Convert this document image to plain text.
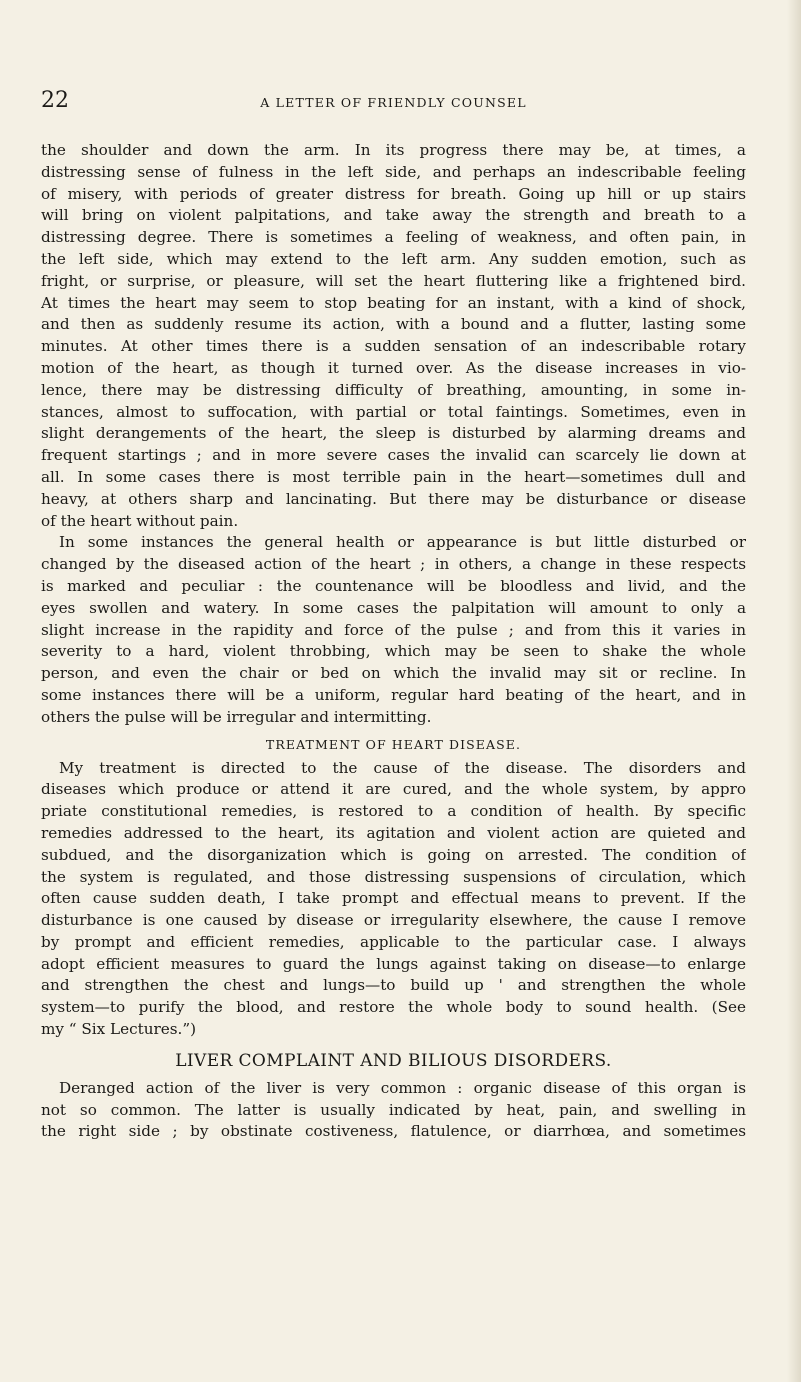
22	A LETTER OF FRIENDLY COUNSEL
the shoulder and down the arm. In its progress there may be, at times, a
distressing sense of fulness in the left side, and perhaps an indescribable feeling
of misery, with periods of greater distress for breath. Going up hill or up stairs
will bring on violent palpitations, and take away the strength and breath to a
distressing degree. There is sometimes a feeling of weakness, and often pain, in
the left side, which may extend to the left arm. Any sudden emotion, such as
fright, or surprise, or pleasure, will set the heart fluttering like a frightened bird.
At times the heart may seem to stop beating for an instant, with a kind of shock,
and then as suddenly resume its action, with a bound and a flutter, lasting some
minutes. At other times there is a sudden sensation of an indescribable rotary
motion of the heart, as though it turned over. As the disease increases in vio-
lence, there may be distressing difficulty of breathing, amounting, in some in-
stances, almost to suffocation, with partial or total faintings. Sometimes, even in
slight derangements of the heart, the sleep is disturbed by alarming dreams and
frequent startings ; and in more severe cases the invalid can scarcely lie down at
all. In some cases there is most terrible pain in the heart—sometimes dull and
heavy, at others sharp and lancinating. But there may be disturbance or disease
of the heart without pain.
In some instances the general health or appearance is but little disturbed or
changed by the diseased action of the heart ; in others, a change in these respects
is marked and peculiar : the countenance will be bloodless and livid, and the
eyes swollen and watery. In some cases the palpitation will amount to only a
slight increase in the rapidity and force of the pulse ; and from this it varies in
severity to a hard, violent throbbing, which may be seen to shake the whole
person, and even the chair or bed on which the invalid may sit or recline. In
some instances there will be a uniform, regular hard beating of the heart, and in
others the pulse will be irregular and intermitting.
TREATMENT OF HEART DISEASE.
My treatment is directed to the cause of the disease. The disorders and
diseases which produce or attend it are cured, and the whole system, by appro
priate constitutional remedies, is restored to a condition of health. By specific
remedies addressed to the heart, its agitation and violent action are quieted and
subdued, and the disorganization which is going on arrested. The condition of
the system is regulated, and those distressing suspensions of circulation, which
often cause sudden death, I take prompt and effectual means to prevent. If the
disturbance is one caused by disease or irregularity elsewhere, the cause I remove
by prompt and efficient remedies, applicable to the particular case. I always
adopt efficient measures to guard the lungs against taking on disease—to enlarge
and strengthen the chest and lungs—to build up ' and strengthen the whole
system—to purify the blood, and restore the whole body to sound health. (See
my “ Six Lectures.”)
LIVER COMPLAINT AND BILIOUS DISORDERS.
Deranged action of the liver is very common : organic disease of this organ is
not so common. The latter is usually indicated by heat, pain, and swelling in
the right side ; by obstinate costiveness, flatulence, or diarrhœa, and sometimes
